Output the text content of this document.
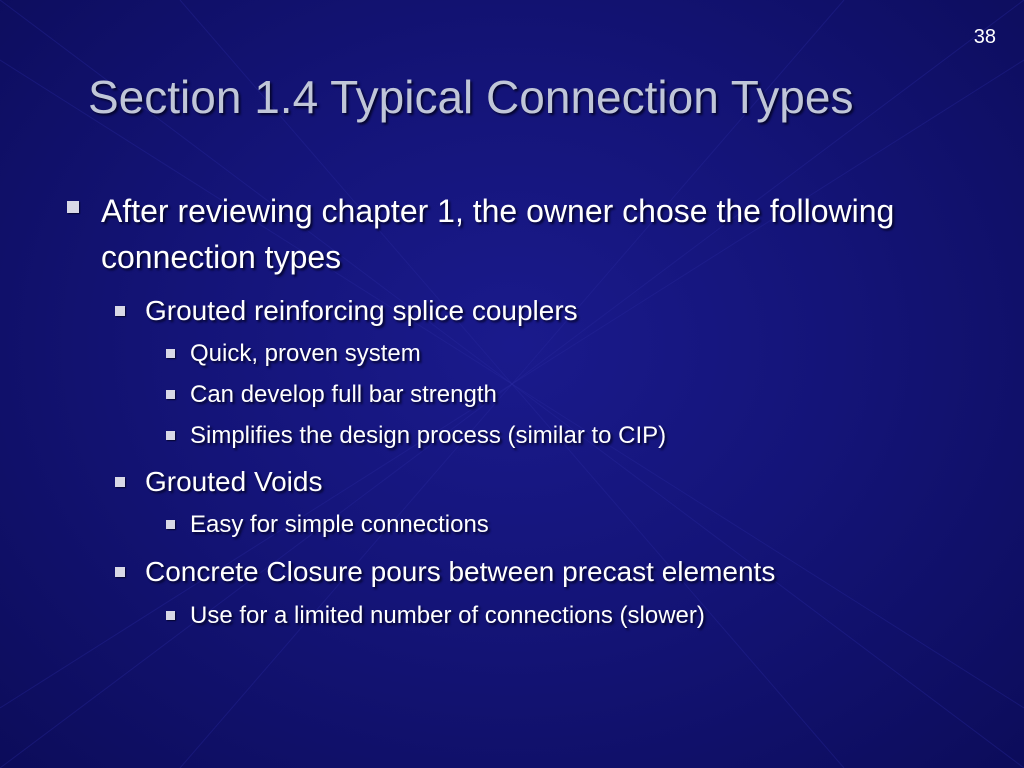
38
Section 1.4 Typical Connection Types
After reviewing chapter 1, the owner chose the following connection types
Grouted reinforcing splice couplers
Quick, proven system
Can develop full bar strength
Simplifies the design process (similar to CIP)
Grouted Voids
Easy for simple connections
Concrete Closure pours between precast elements
Use for a limited number of connections (slower)
